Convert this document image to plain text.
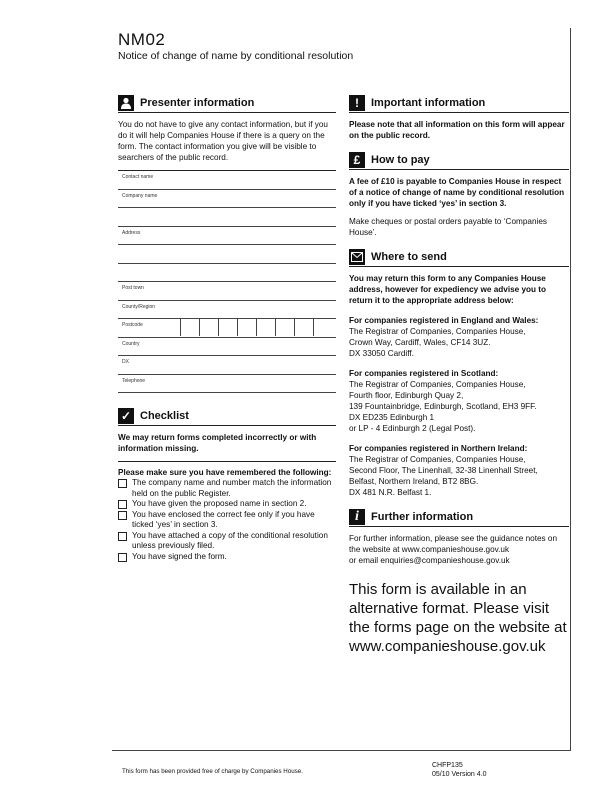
NM02
Notice of change of name by conditional resolution
Presenter information

You do not have to give any contact information, but if you do it will help Companies House if there is a query on the form. The contact information you give will be visible to searchers of the public record.

Contact name
Company name
Address
Post town
County/Region
Postcode
Country
DX
Telephone
✓ Checklist

We may return forms completed incorrectly or with information missing.

Please make sure you have remembered the following:

The company name and number match the information held on the public Register.
You have given the proposed name in section 2.
You have enclosed the correct fee only if you have ticked ‘yes’ in section 3.
You have attached a copy of the conditional resolution unless previously filed.
You have signed the form.
!	Important information

Please note that all information on this form will appear on the public record.

£ How to pay

A fee of £10 is payable to Companies House in respect of a notice of change of name by conditional resolution only if you have ticked ‘yes’ in section 3.

Make cheques or postal orders payable to ‘Companies House’.

Where to send

You may return this form to any Companies House address, however for expediency we advise you to return it to the appropriate address below:

For companies registered in England and Wales:
The Registrar of Companies, Companies House,
Crown Way, Cardiff, Wales, CF14 3UZ.
DX 33050 Cardiff.
For companies registered in Scotland:
The Registrar of Companies, Companies House,
Fourth floor, Edinburgh Quay 2,
139 Fountainbridge, Edinburgh, Scotland, EH3 9FF.
DX ED235 Edinburgh 1
or LP - 4 Edinburgh 2 (Legal Post).
For companies registered in Northern Ireland:
The Registrar of Companies, Companies House,
Second Floor, The Linenhall, 32-38 Linenhall Street,
Belfast, Northern Ireland, BT2 8BG.
DX 481 N.R. Belfast 1.
i	Further information

For further information, please see the guidance notes on the website at www.companieshouse.gov.uk

or email enquiries@companieshouse.gov.uk

This form is available in an alternative format. Please visit the forms page on the website at www.companieshouse.gov.uk
This form has been provided free of charge by Companies House.
CHFP135
05/10 Version 4.0
